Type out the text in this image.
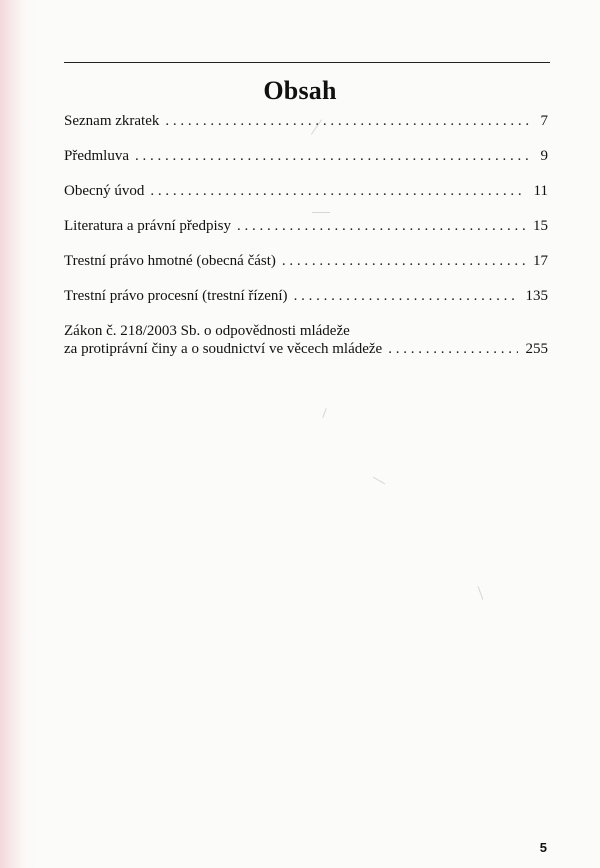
Obsah
Seznam zkratek . . .	7
Předmluva . . .	9
Obecný úvod . . .	11
Literatura a právní předpisy . . .	15
Trestní právo hmotné (obecná část) . . .	17
Trestní právo procesní (trestní řízení) . . .	135
Zákon č. 218/2003 Sb. o odpovědnosti mládeže
za protiprávní činy a o soudnictví ve věcech mládeže . . .	255
5
